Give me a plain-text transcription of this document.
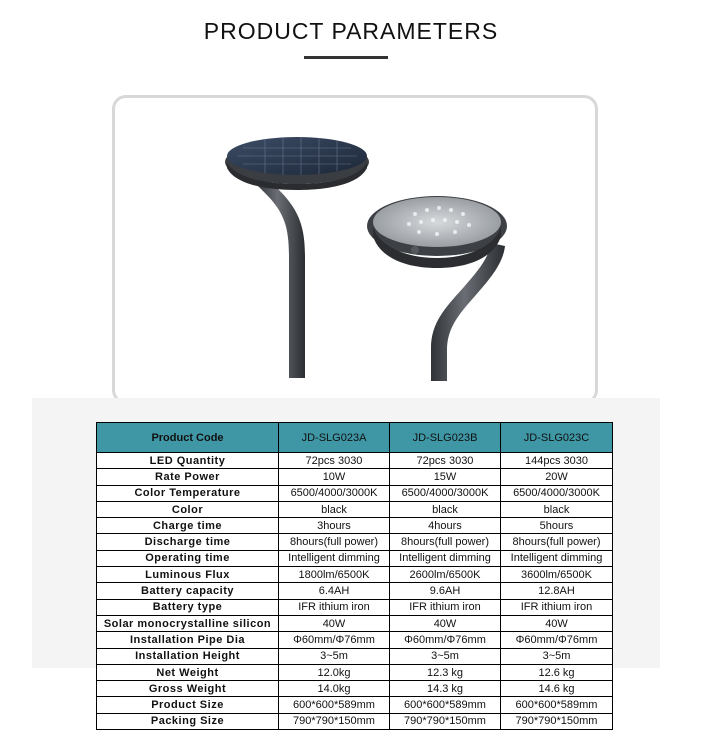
PRODUCT PARAMETERS
Product Code	JD-SLG023A	JD-SLG023B	JD-SLG023C
LED Quantity	72pcs 3030	72pcs 3030	144pcs 3030
Rate Power	10W	15W	20W
Color Temperature	6500/4000/3000K	6500/4000/3000K	6500/4000/3000K
Color	black	black	black
Charge time	3hours	4hours	5hours
Discharge time	8hours(full power)	8hours(full power)	8hours(full power)
Operating time	Intelligent dimming	Intelligent dimming	Intelligent dimming
Luminous Flux	1800lm/6500K	2600lm/6500K	3600lm/6500K
Battery capacity	6.4AH	9.6AH	12.8AH
Battery type	IFR ithium iron	IFR ithium iron	IFR ithium iron
Solar monocrystalline silicon	40W	40W	40W
Installation Pipe Dia	Φ60mm/Φ76mm	Φ60mm/Φ76mm	Φ60mm/Φ76mm
Installation Height	3~5m	3~5m	3~5m
Net Weight	12.0kg	12.3 kg	12.6 kg
Gross Weight	14.0kg	14.3 kg	14.6 kg
Product Size	600*600*589mm	600*600*589mm	600*600*589mm
Packing Size	790*790*150mm	790*790*150mm	790*790*150mm
